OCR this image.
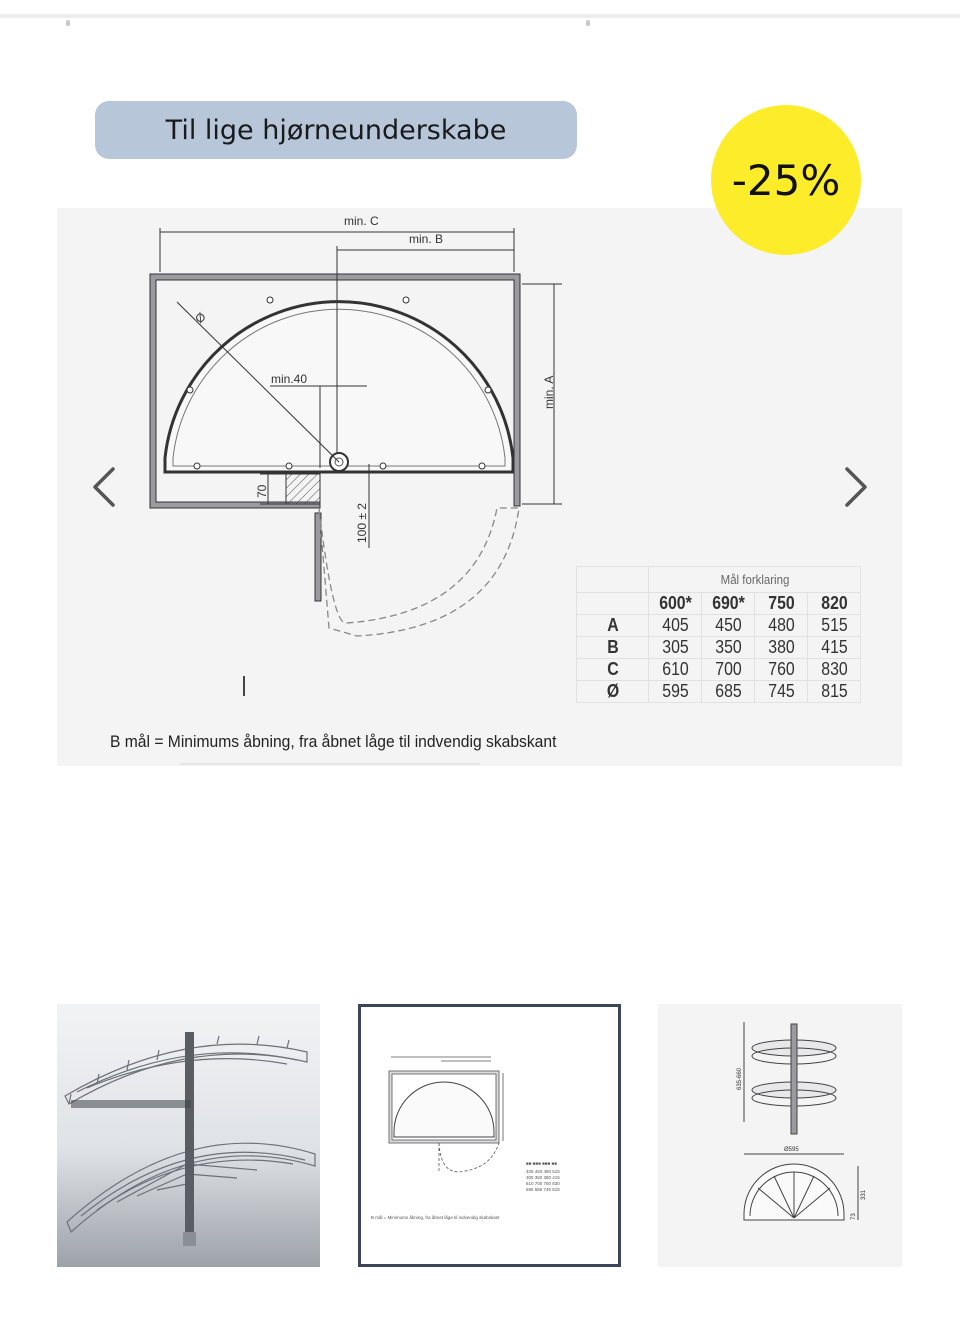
Til lige hjørneunderskabe
-25%
min. C
min. B
min. A
min.40
Ø
70
100 ± 2
	Mål forklaring			
	600*	690*	750	820
A	405	450	480	515
B	305	350	380	415
C	610	700	760	830
Ø	595	685	745	815
B mål = Minimums åbning, fra åbnet låge til indvendig skabskant
■■ ■■■ ■■■ ■■
405 450 480 515
305 350 380 415
610 700 760 830
595 685 745 815
B mål = Minimums åbning, fra åbnet låge til indvendig skabskant
635-660
Ø595
331
73
